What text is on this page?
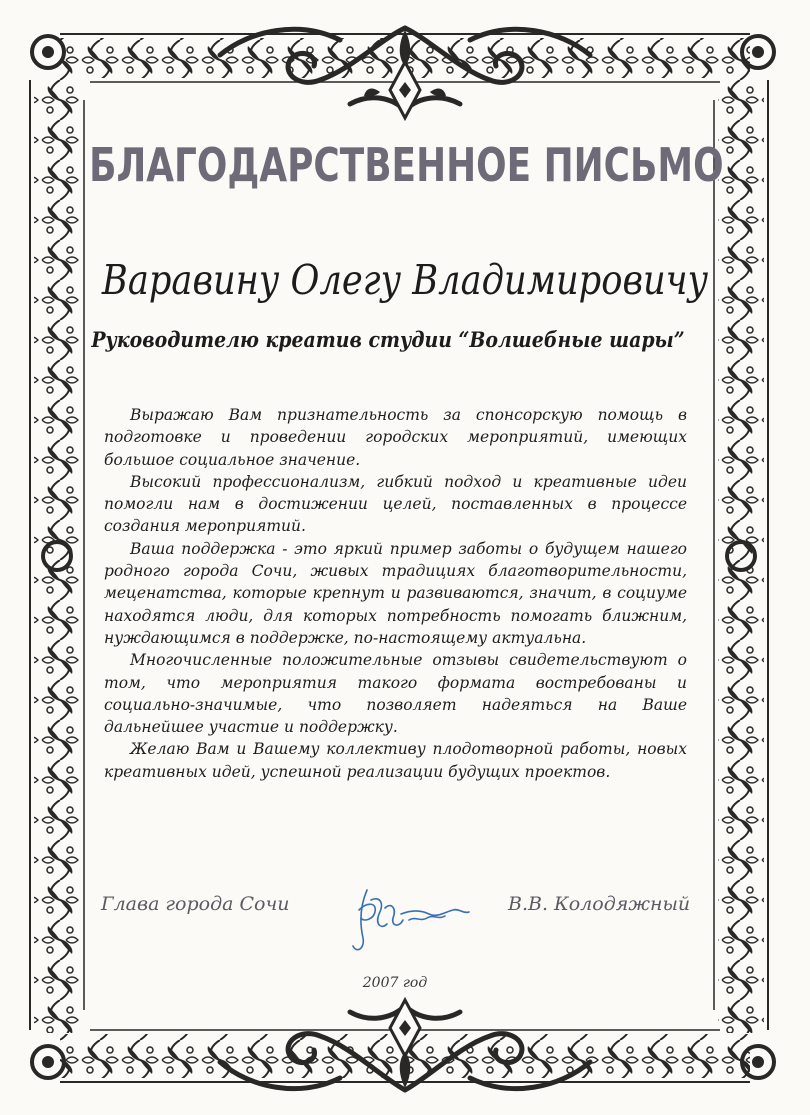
БЛАГОДАРСТВЕННОЕ ПИСЬМО
Варавину Олегу Владимировичу
Руководителю креатив студии “Волшебные шары”

Выражаю Вам признательность за спонсорскую помощь в подготовке и проведении городских мероприятий, имеющих большое социальное значение.

Высокий профессионализм, гибкий подход и креативные идеи помогли нам в достижении целей, поставленных в процессе создания мероприятий.

Ваша поддержка - это яркий пример заботы о будущем нашего родного города Сочи, живых традициях благотворительности, меценатства, которые крепнут и развиваются, значит, в социуме находятся люди, для которых потребность помогать ближним, нуждающимся в поддержке, по-настоящему актуальна.

Многочисленные положительные отзывы свидетельствуют о том, что мероприятия такого формата востребованы и социально-значимые, что позволяет надеяться на Ваше дальнейшее участие и поддержку.

Желаю Вам и Вашему коллективу плодотворной работы, новых креативных идей, успешной реализации будущих проектов.

Глава города Сочи	В.В. Колодяжный
2007 год
